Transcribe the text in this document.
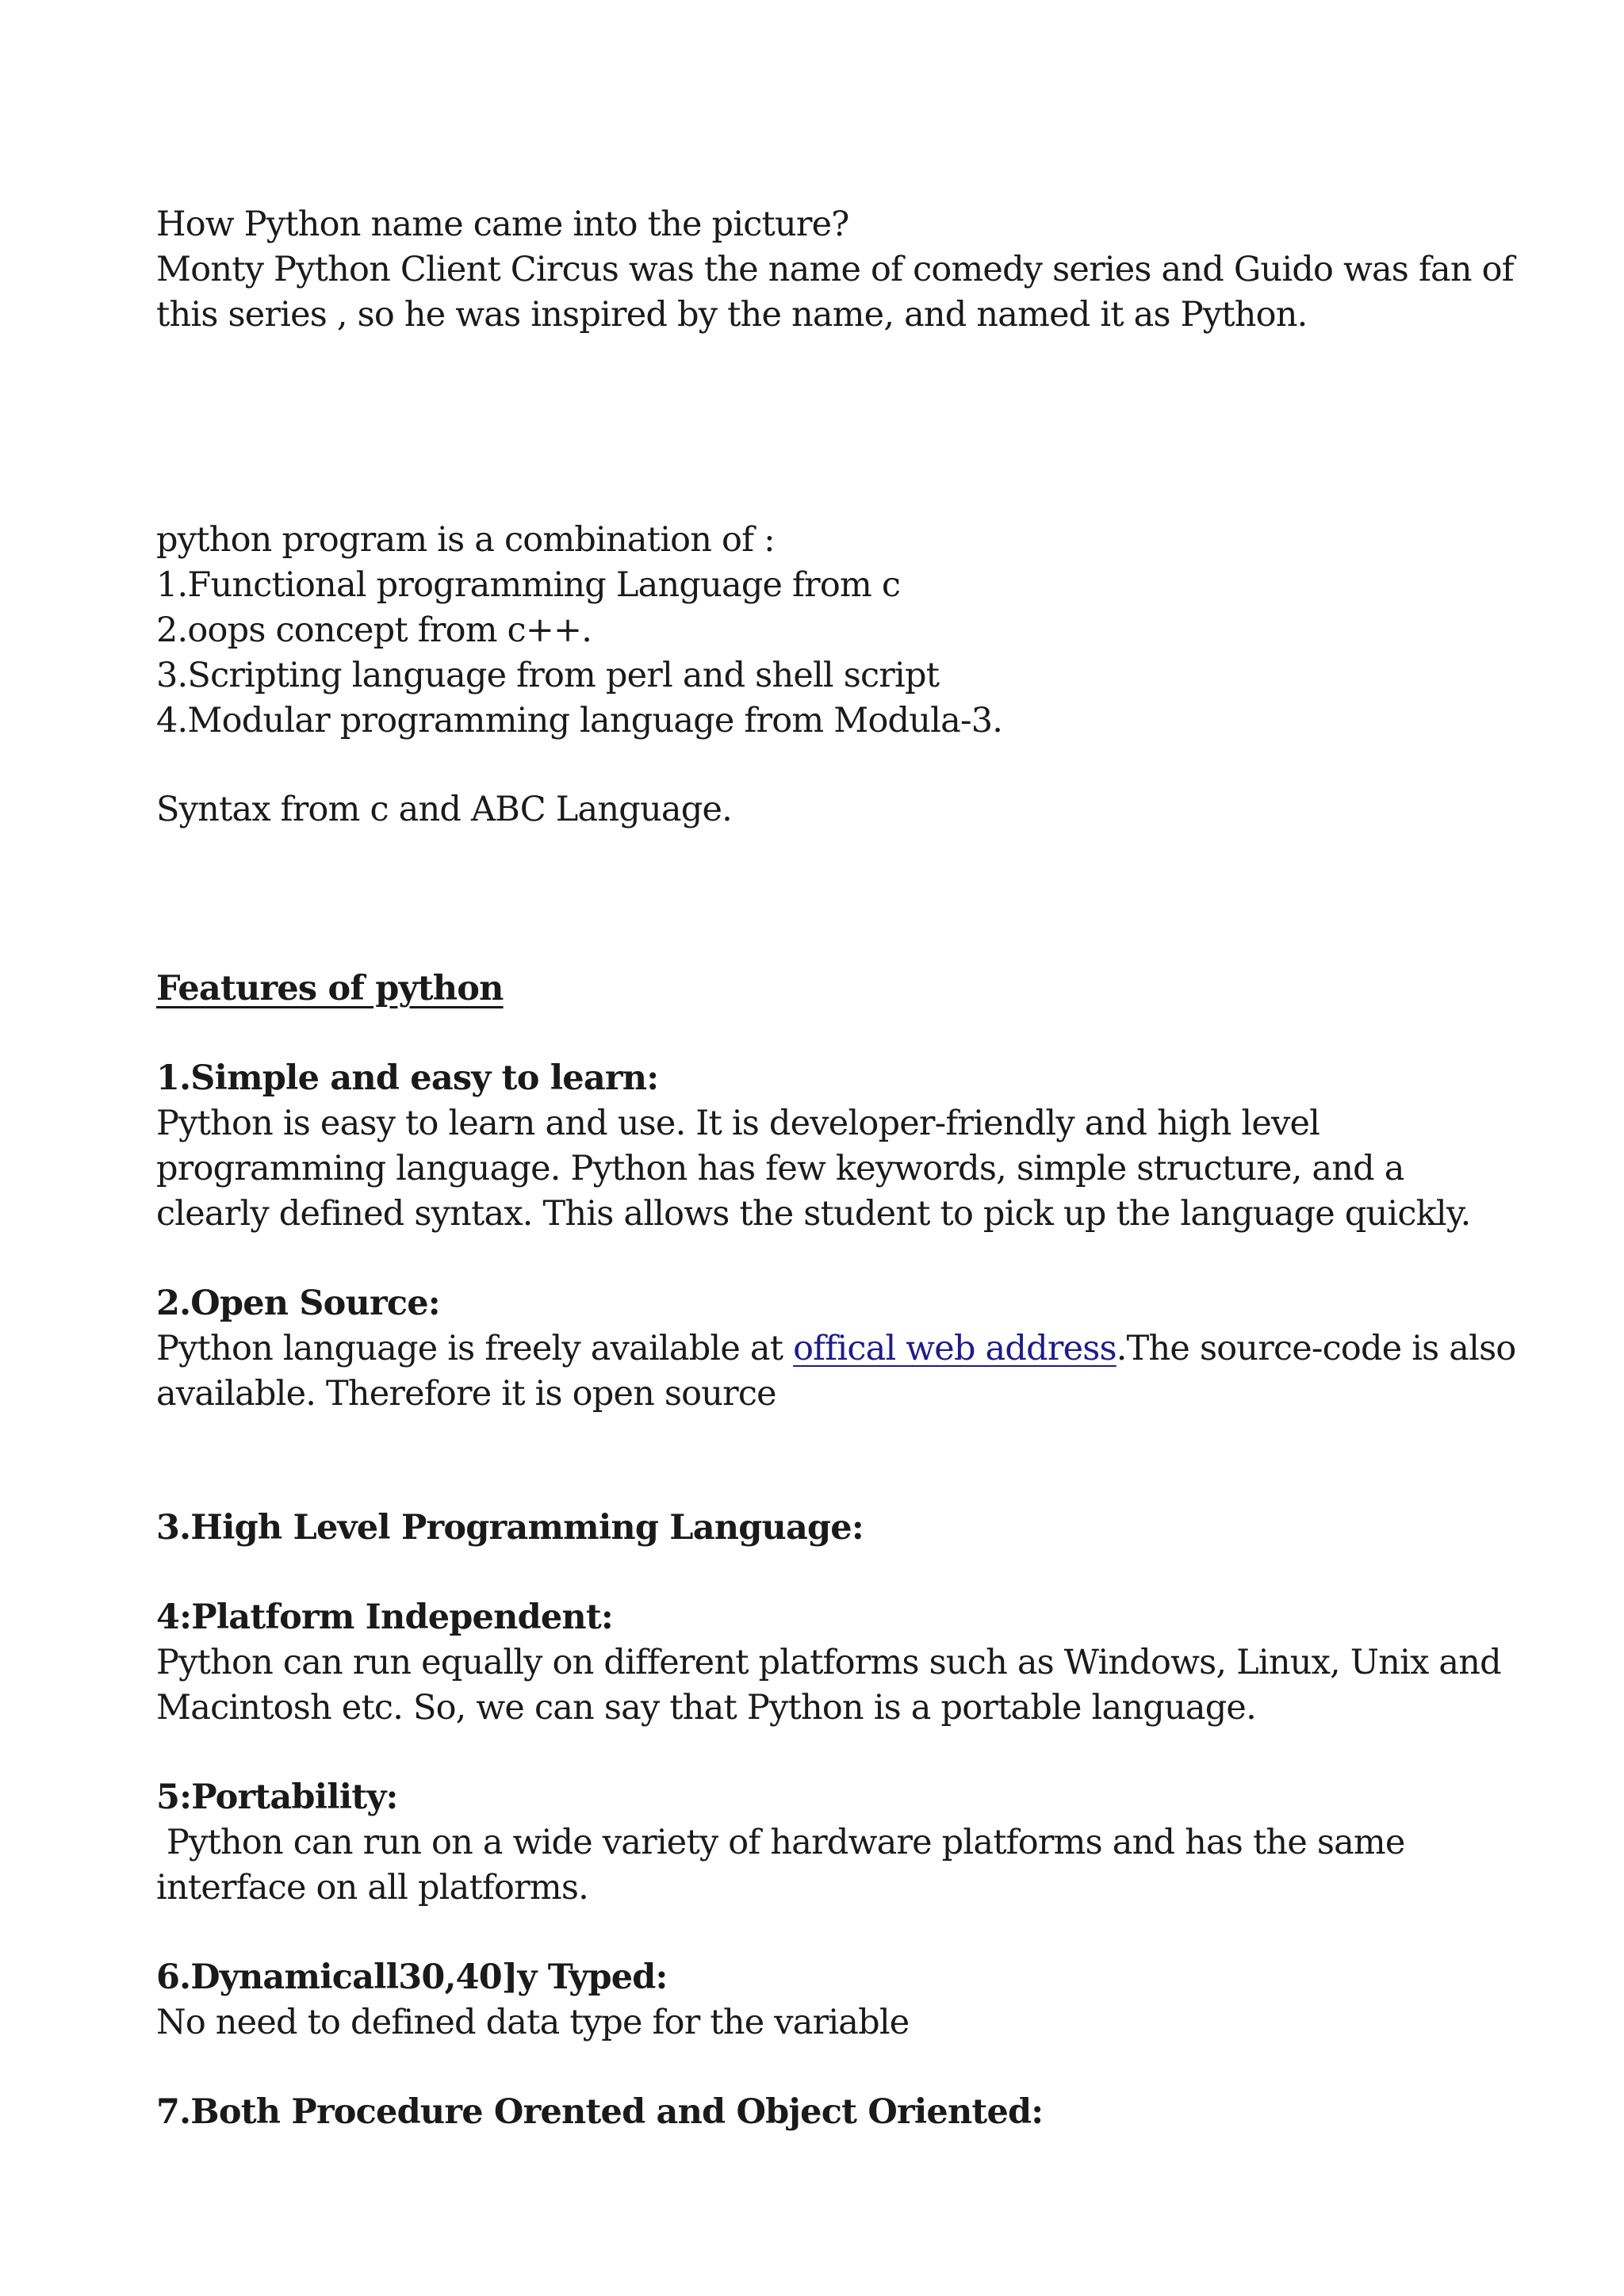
How Python name came into the picture?
Monty Python Client Circus was the name of comedy series and Guido was fan of
this series , so he was inspired by the name, and named it as Python.
python program is a combination of :
1.Functional programming Language from c
2.oops concept from c++.
3.Scripting language from perl and shell script
4.Modular programming language from Modula-3.
Syntax from c and ABC Language.
Features of python
1.Simple and easy to learn:
Python is easy to learn and use. It is developer-friendly and high level
programming language. Python has few keywords, simple structure, and a
clearly defined syntax. This allows the student to pick up the language quickly.
2.Open Source:
Python language is freely available at offical web address.The source-code is also
available. Therefore it is open source
3.High Level Programming Language:
4:Platform Independent:
Python can run equally on different platforms such as Windows, Linux, Unix and
Macintosh etc. So, we can say that Python is a portable language.
5:Portability:
Python can run on a wide variety of hardware platforms and has the same
interface on all platforms.
6.Dynamicall30,40]y Typed:
No need to defined data type for the variable
7.Both Procedure Orented and Object Oriented:
